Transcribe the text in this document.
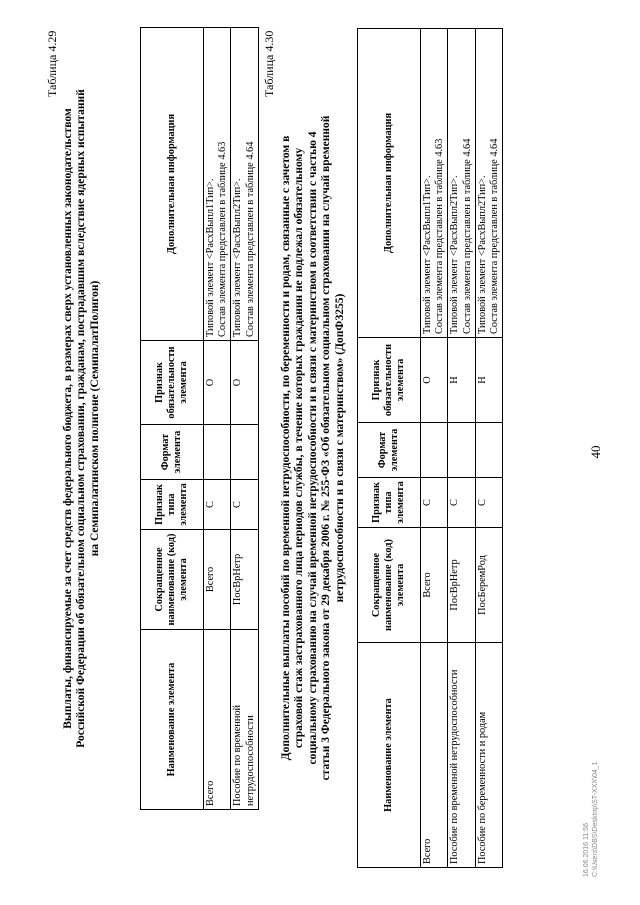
40
Таблица 4.29
Выплаты, финансируемые за счет средств федерального бюджета, в размерах сверх установленных законодательством Российской Федерации об обязательном социальном страховании, гражданам, пострадавшим вследствие ядерных испытаний на Семипалатинском полигоне (СемипалатПолигон)
Наименование элемента	Сокращенное наименование (код) элемента	Признак типа элемента	Формат элемента	Признак обязательности элемента	Дополнительная информация
Всего	Всего	С		О	Типовой элемент <РасхВыпл1Тип>. Состав элемента представлен в таблице 4.63

Пособие по временной нетрудоспособности	ПосВрНетр	С		О	Типовой элемент <РасхВыпл2Тип>. Состав элемента представлен в таблице 4.64
Таблица 4.30
Дополнительные выплаты пособий по временной нетрудоспособности, по беременности и родам, связанные с зачетом в страховой стаж застрахованного лица периодов службы, в течение которых гражданин не подлежал обязательному социальному страхованию на случай временной нетрудоспособности и в связи с материнством в соответствии с частью 4 статьи 3 Федерального закона от 29 декабря 2006 г. № 255-ФЗ «Об обязательном социальном страховании на случай временной нетрудоспособности и в связи с материнством» (ДопФЗ255)
Наименование элемента	Сокращенное наименование (код) элемента	Признак типа элемента	Формат элемента	Признак обязательности элемента	Дополнительная информация
Всего	Всего	С		О	Типовой элемент <РасхВыпл1Тип>. Состав элемента представлен в таблице 4.63

Пособие по временной нетрудоспособности	ПосВрНетр	С		Н	Типовой элемент <РасхВыпл2Тип>. Состав элемента представлен в таблице 4.64

Пособие по беременности и родам	ПосБеремРод	С		Н	Типовой элемент <РасхВыпл2Тип>. Состав элемента представлен в таблице 4.64
16.06.2016 11:56 C:\Users\DBS\Desktop\ST-XXX\04_1
